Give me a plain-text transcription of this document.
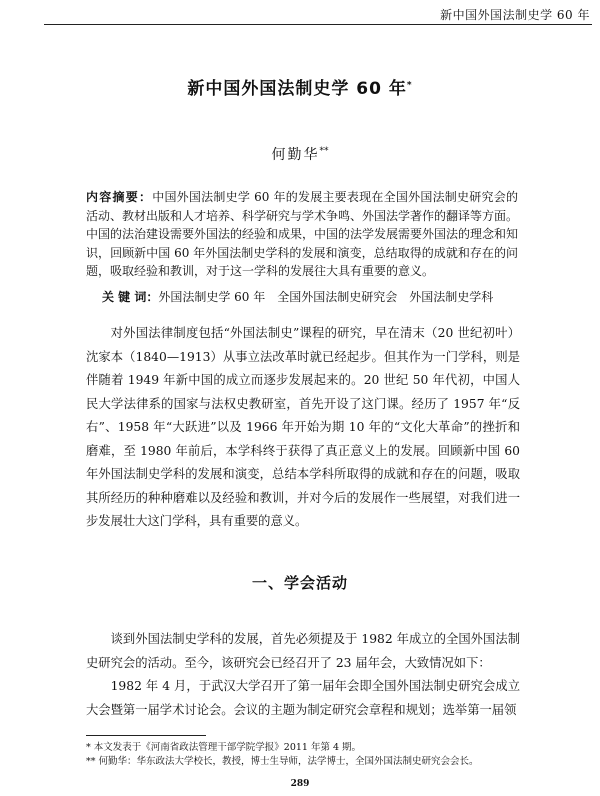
新中国外国法制史学 60 年
新中国外国法制史学 60 年*
何勤华**
内容摘要：中国外国法制史学 60 年的发展主要表现在全国外国法制史研究会的活动、教材出版和人才培养、科学研究与学术争鸣、外国法学著作的翻译等方面。中国的法治建设需要外国法的经验和成果，中国的法学发展需要外国法的理念和知识，回顾新中国 60 年外国法制史学科的发展和演变，总结取得的成就和存在的问题，吸取经验和教训，对于这一学科的发展往大具有重要的意义。
关 键 词：外国法制史学 60 年 全国外国法制史研究会 外国法制史学科
对外国法律制度包括“外国法制史”课程的研究，早在清末（20 世纪初叶）沈家本（1840—1913）从事立法改革时就已经起步。但其作为一门学科，则是伴随着 1949 年新中国的成立而逐步发展起来的。20 世纪 50 年代初，中国人民大学法律系的国家与法权史教研室，首先开设了这门课。经历了 1957 年“反右”、1958 年“大跃进”以及 1966 年开始为期 10 年的“文化大革命”的挫折和磨难，至 1980 年前后，本学科终于获得了真正意义上的发展。回顾新中国 60 年外国法制史学科的发展和演变，总结本学科所取得的成就和存在的问题，吸取其所经历的种种磨难以及经验和教训，并对今后的发展作一些展望，对我们进一步发展壮大这门学科，具有重要的意义。
一、学会活动
谈到外国法制史学科的发展，首先必须提及于 1982 年成立的全国外国法制史研究会的活动。至今，该研究会已经召开了 23 届年会，大致情况如下：
1982 年 4 月，于武汉大学召开了第一届年会即全国外国法制史研究会成立大会暨第一届学术讨论会。会议的主题为制定研究会章程和规划；选举第一届领
* 本文发表于《河南省政法管理干部学院学报》2011 年第 4 期。
** 何勤华：华东政法大学校长，教授，博士生导师，法学博士，全国外国法制史研究会会长。
289
